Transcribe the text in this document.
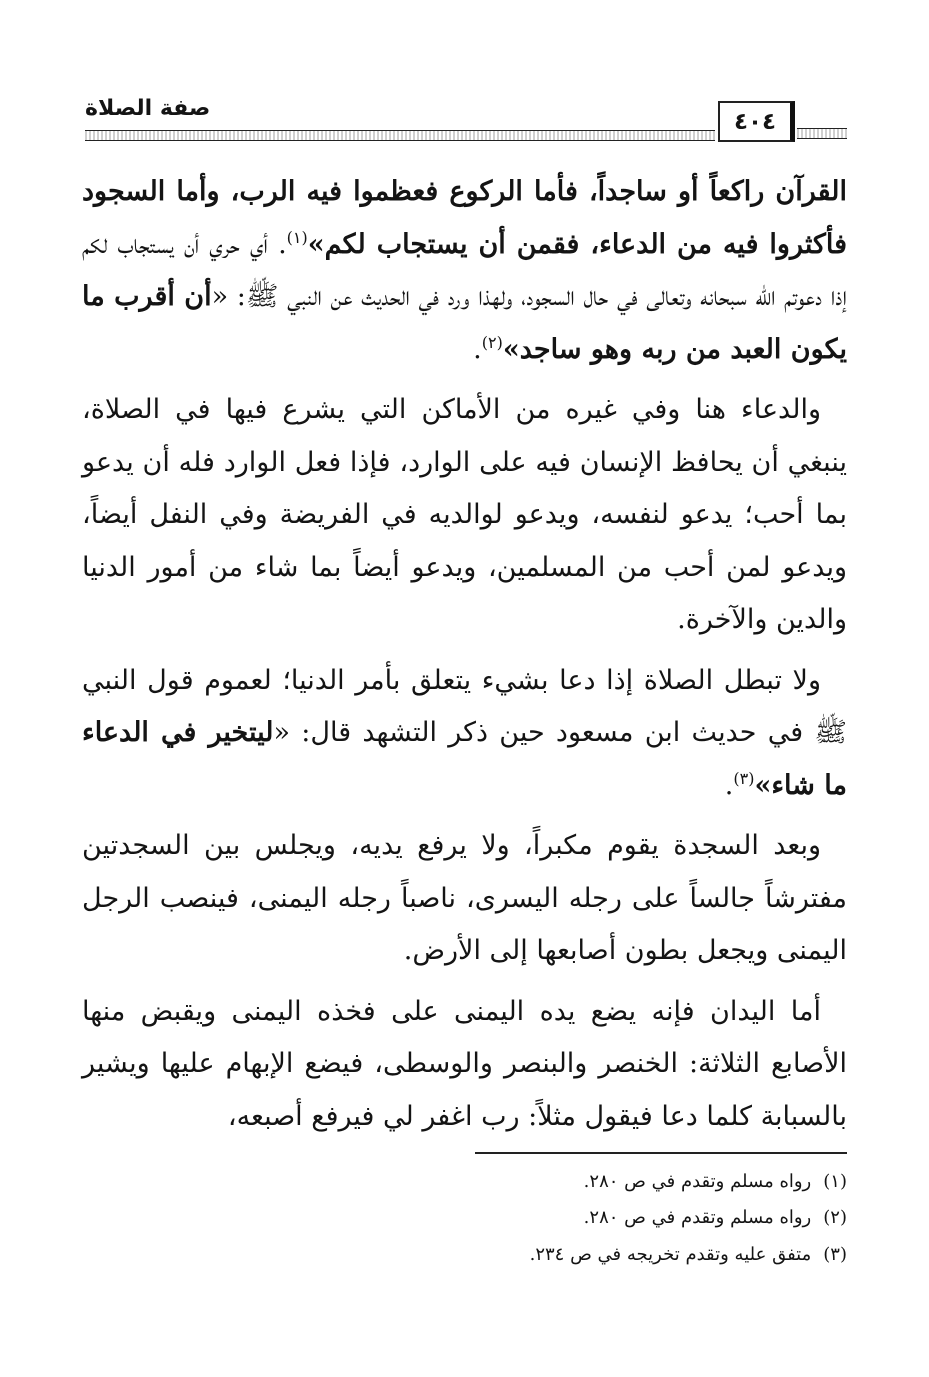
صفة الصلاة	٤٠٤

القرآن راكعاً أو ساجداً، فأما الركوع فعظموا فيه الرب، وأما السجود فأكثروا فيه من الدعاء، فقمن أن يستجاب لكم»$^{(١)}$. أي حري أن يستجاب لكم إذا دعوتم الله سبحانه وتعالى في حال السجود، ولهذا ورد في الحديث عن النبي ﷺ: «أن أقرب ما يكون العبد من ربه وهو ساجد»$^{(٢)}$.

والدعاء هنا وفي غيره من الأماكن التي يشرع فيها في الصلاة، ينبغي أن يحافظ الإنسان فيه على الوارد، فإذا فعل الوارد فله أن يدعو بما أحب؛ يدعو لنفسه، ويدعو لوالديه في الفريضة وفي النفل أيضاً، ويدعو لمن أحب من المسلمين، ويدعو أيضاً بما شاء من أمور الدنيا والدين والآخرة.

ولا تبطل الصلاة إذا دعا بشيء يتعلق بأمر الدنيا؛ لعموم قول النبي ﷺ في حديث ابن مسعود حين ذكر التشهد قال: «ليتخير في الدعاء ما شاء»$^{(٣)}$.

وبعد السجدة يقوم مكبراً، ولا يرفع يديه، ويجلس بين السجدتين مفترشاً جالساً على رجله اليسرى، ناصباً رجله اليمنى، فينصب الرجل اليمنى ويجعل بطون أصابعها إلى الأرض.

أما اليدان فإنه يضع يده اليمنى على فخذه اليمنى ويقبض منها الأصابع الثلاثة: الخنصر والبنصر والوسطى، فيضع الإبهام عليها ويشير بالسبابة كلما دعا فيقول مثلاً: رب اغفر لي فيرفع أصبعه،

(١)رواه مسلم وتقدم في ص ٢٨٠.
(٢)رواه مسلم وتقدم في ص ٢٨٠.
(٣)متفق عليه وتقدم تخريجه في ص ٢٣٤.
